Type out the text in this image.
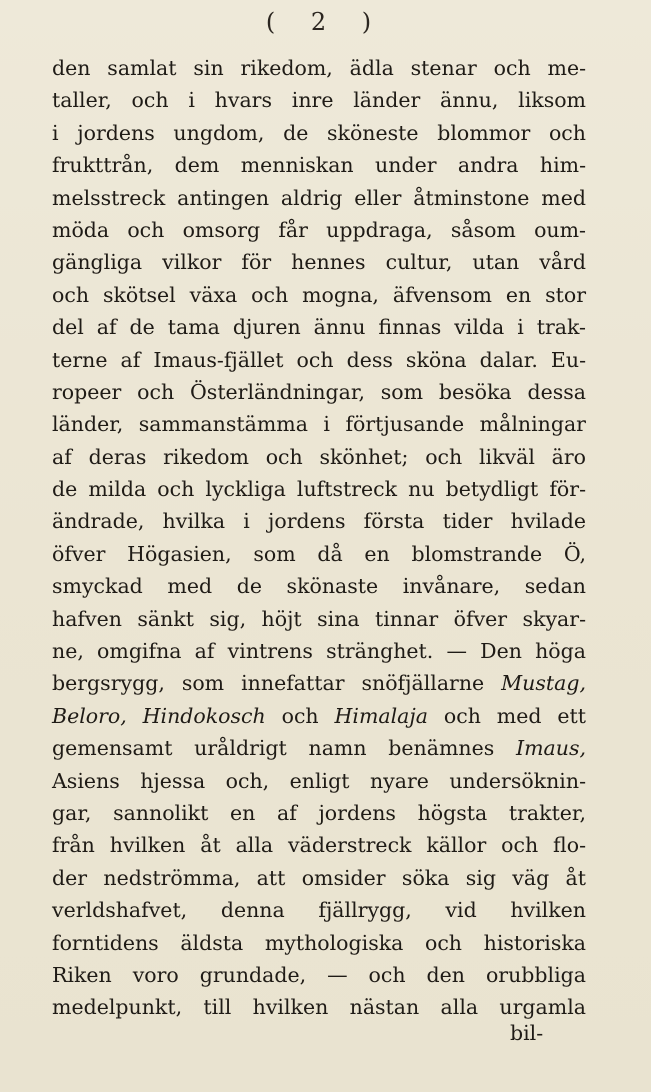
( 2 )
den samlat sin rikedom, ädla stenar och me-
taller, och i hvars inre länder ännu, liksom
i jordens ungdom, de sköneste blommor och
frukttrån, dem menniskan under andra him-
melsstreck antingen aldrig eller åtminstone med
möda och omsorg får uppdraga, såsom oum-
gängliga vilkor för hennes cultur, utan vård
och skötsel växa och mogna, äfvensom en stor
del af de tama djuren ännu finnas vilda i trak-
terne af Imaus-fjället och dess sköna dalar. Eu-
ropeer och Österländningar, som besöka dessa
länder, sammanstämma i förtjusande målningar
af deras rikedom och skönhet; och likväl äro
de milda och lyckliga luftstreck nu betydligt för-
ändrade, hvilka i jordens första tider hvilade
öfver Högasien, som då en blomstrande Ö,
smyckad med de skönaste invånare, sedan
hafven sänkt sig, höjt sina tinnar öfver skyar-
ne, omgifna af vintrens stränghet. — Den höga
bergsrygg, som innefattar snöfjällarne Mustag,
Beloro, Hindokosch och Himalaja och med ett
gemensamt uråldrigt namn benämnes Imaus,
Asiens hjessa och, enligt nyare undersöknin-
gar, sannolikt en af jordens högsta trakter,
från hvilken åt alla väderstreck källor och flo-
der nedströmma, att omsider söka sig väg åt
verldshafvet, denna fjällrygg, vid hvilken
forntidens äldsta mythologiska och historiska
Riken voro grundade, — och den orubbliga
medelpunkt, till hvilken nästan alla urgamla
bil-
